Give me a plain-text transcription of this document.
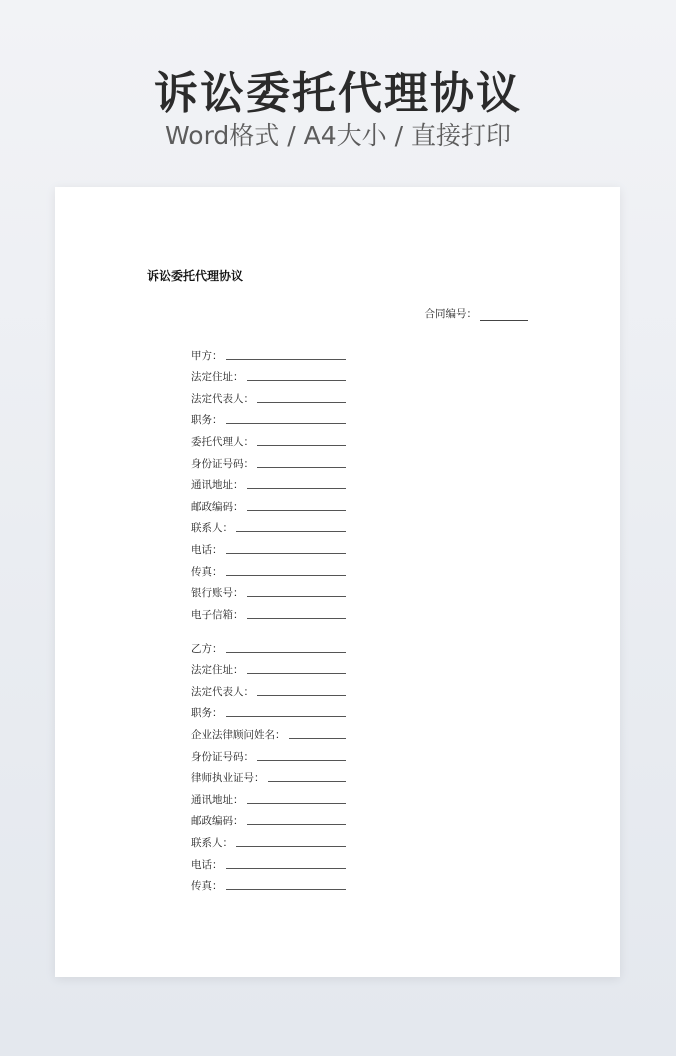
诉讼委托代理协议
Word格式 / A4大小 / 直接打印
诉讼委托代理协议
合同编号：
甲方：
法定住址：
法定代表人：
职务：
委托代理人：
身份证号码：
通讯地址：
邮政编码：
联系人：
电话：
传真：
银行账号：
电子信箱：
乙方：
法定住址：
法定代表人：
职务：
企业法律顾问姓名：
身份证号码：
律师执业证号：
通讯地址：
邮政编码：
联系人：
电话：
传真：
